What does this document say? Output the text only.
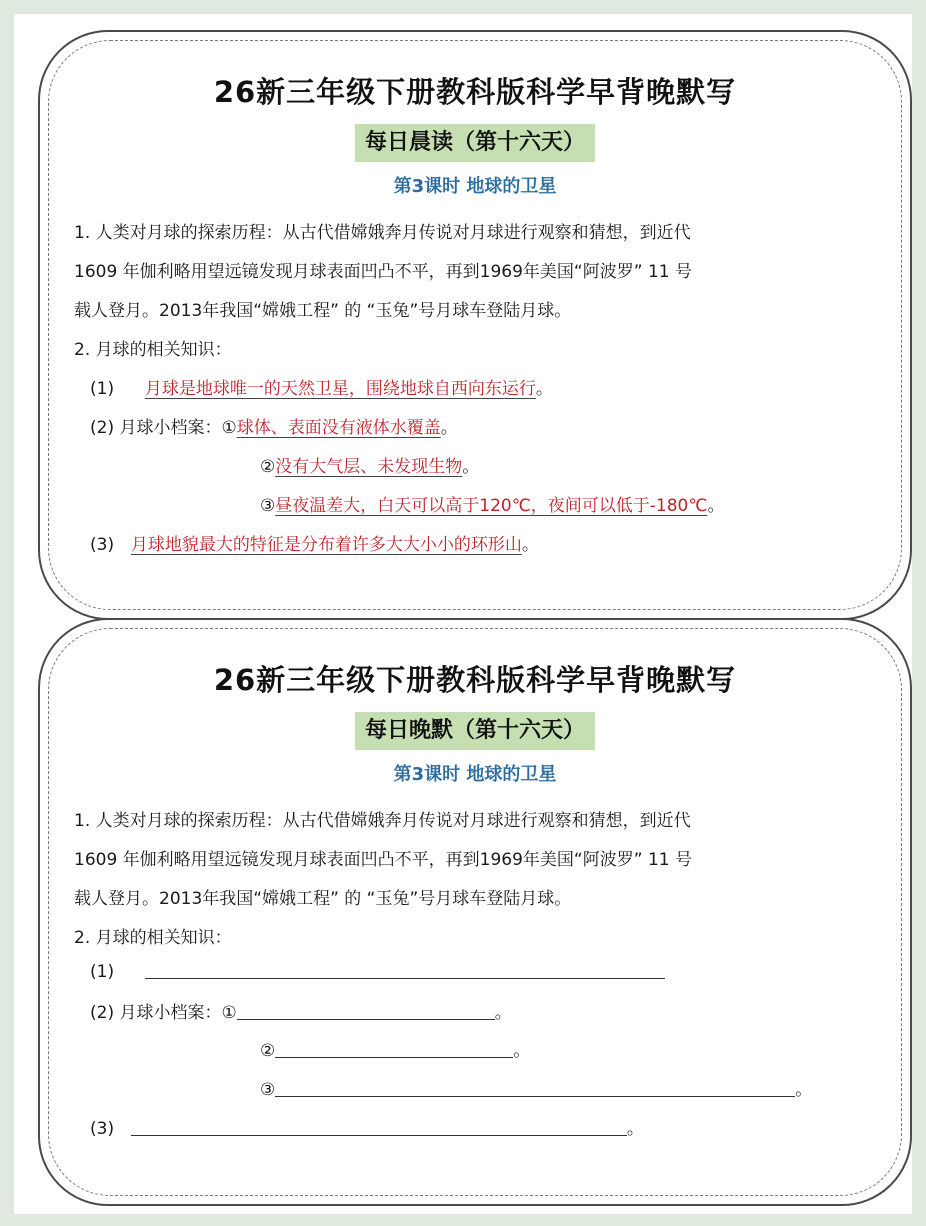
26新三年级下册教科版科学早背晚默写
每日晨读（第十六天）
第3课时 地球的卫星
1. 人类对月球的探索历程：从古代借嫦娥奔月传说对月球进行观察和猜想，到近代
1609 年伽利略用望远镜发现月球表面凹凸不平，再到1969年美国“阿波罗” 11 号
载人登月。2013年我国“嫦娥工程” 的 “玉兔”号月球车登陆月球。
2. 月球的相关知识：
(1) 月球是地球唯一的天然卫星，围绕地球自西向东运行。
(2) 月球小档案：①球体、表面没有液体水覆盖。
②没有大气层、未发现生物。
③昼夜温差大，白天可以高于120℃，夜间可以低于-180℃。
(3) 月球地貌最大的特征是分布着许多大大小小的环形山。
26新三年级下册教科版科学早背晚默写
每日晚默（第十六天）
第3课时 地球的卫星
1. 人类对月球的探索历程：从古代借嫦娥奔月传说对月球进行观察和猜想，到近代
1609 年伽利略用望远镜发现月球表面凹凸不平，再到1969年美国“阿波罗” 11 号
载人登月。2013年我国“嫦娥工程” 的 “玉兔”号月球车登陆月球。
2. 月球的相关知识：
(1)
(2) 月球小档案：①	。
②	。
③	。
(3)	。
